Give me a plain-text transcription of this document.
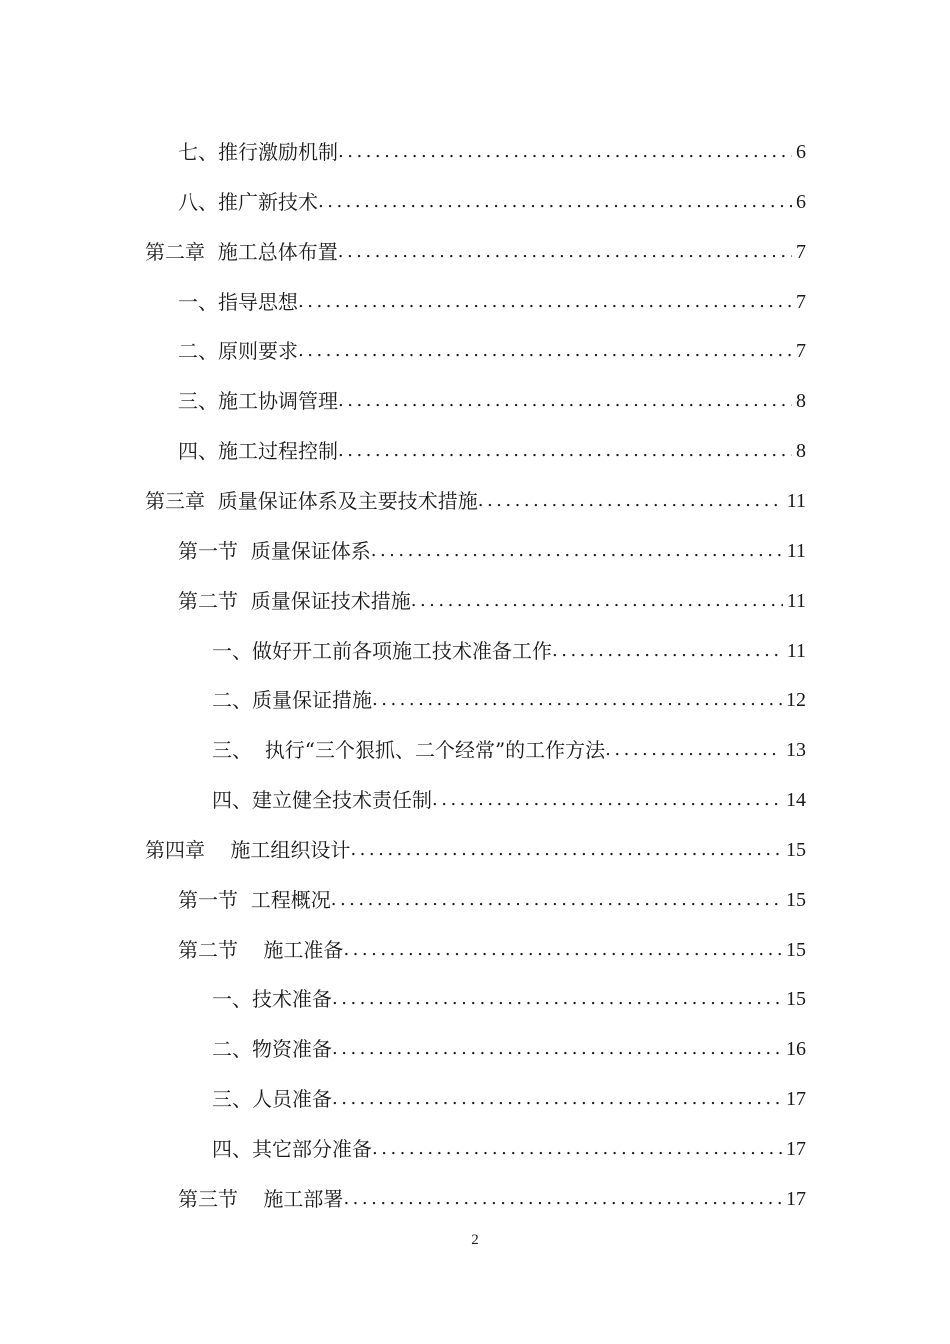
七、推行激励机制 .....	6
八、推广新技术 .....	6
第二章  施工总体布置 .....	7
一、指导思想 .....	7
二、原则要求 .....	7
三、施工协调管理 .....	8
四、施工过程控制 .....	8
第三章  质量保证体系及主要技术措施 .....	11
第一节  质量保证体系 .....	11
第二节  质量保证技术措施 .....	11
一、做好开工前各项施工技术准备工作 .....	11
二、质量保证措施 .....	12
三、  执行“三个狠抓、二个经常”的工作方法 .....	13
四、建立健全技术责任制 .....	14
第四章    施工组织设计 .....	15
第一节  工程概况 .....	15
第二节    施工准备 .....	15
一、技术准备 .....	15
二、物资准备 .....	16
三、人员准备 .....	17
四、其它部分准备 .....	17
第三节    施工部署 .....	17
2
